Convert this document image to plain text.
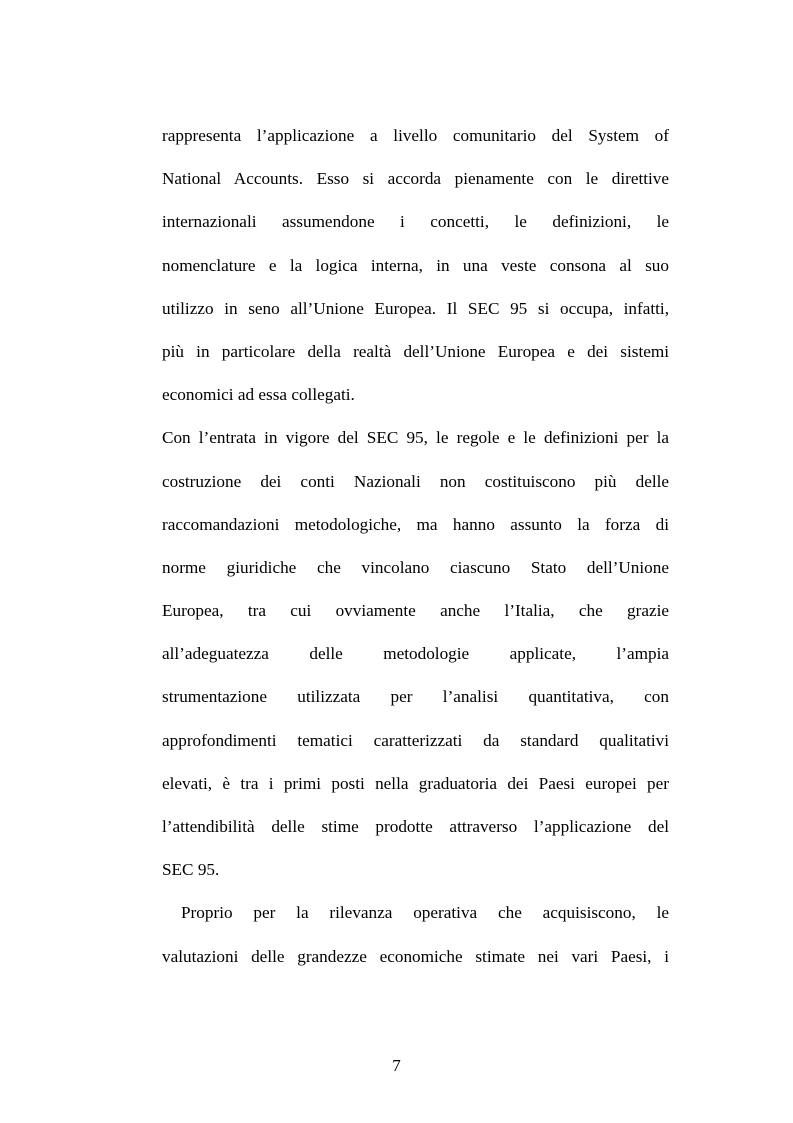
rappresenta l’applicazione a livello comunitario del System of
National Accounts. Esso si accorda pienamente con le direttive
internazionali assumendone i concetti, le definizioni, le
nomenclature e la logica interna, in una veste consona al suo
utilizzo in seno all’Unione Europea. Il SEC 95 si occupa, infatti,
più in particolare della realtà dell’Unione Europea e dei sistemi
economici ad essa collegati.
Con l’entrata in vigore del SEC 95, le regole e le definizioni per la
costruzione dei conti Nazionali non costituiscono più delle
raccomandazioni metodologiche, ma hanno assunto la forza di
norme giuridiche che vincolano ciascuno Stato dell’Unione
Europea, tra cui ovviamente anche l’Italia, che grazie
all’adeguatezza delle metodologie applicate, l’ampia
strumentazione utilizzata per l’analisi quantitativa, con
approfondimenti tematici caratterizzati da standard qualitativi
elevati, è tra i primi posti nella graduatoria dei Paesi europei per
l’attendibilità delle stime prodotte attraverso l’applicazione del
SEC 95.
Proprio per la rilevanza operativa che acquisiscono, le
valutazioni delle grandezze economiche stimate nei vari Paesi, i
7
